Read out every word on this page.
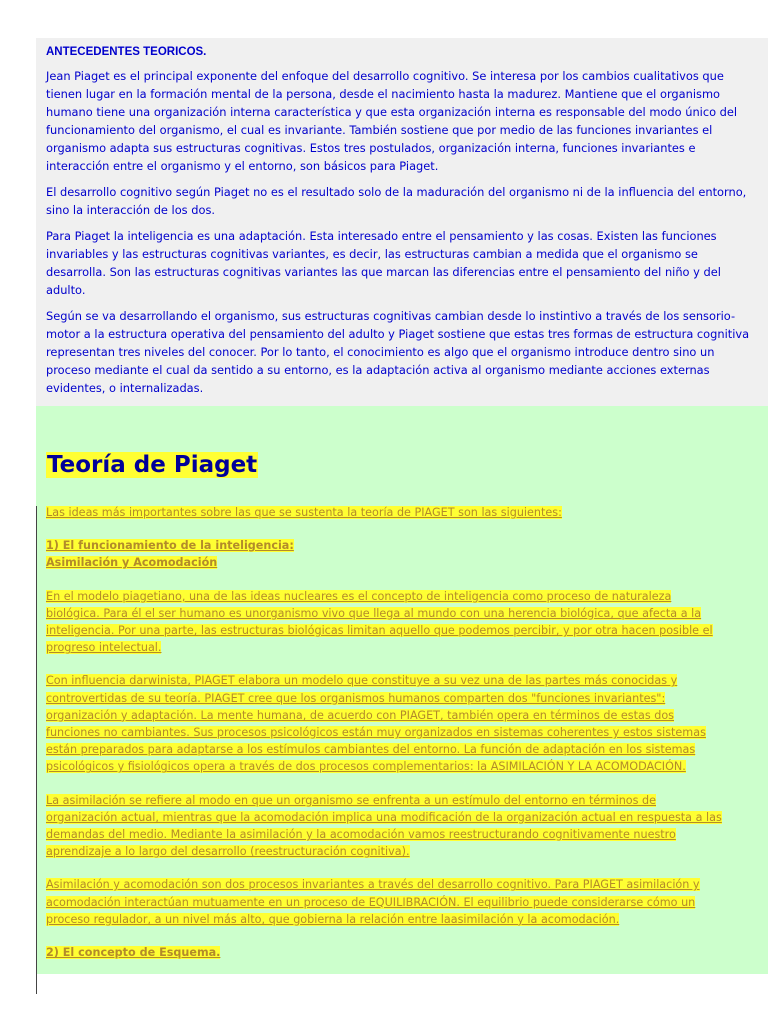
ANTECEDENTES TEORICOS.

Jean Piaget es el principal exponente del enfoque del desarrollo cognitivo. Se interesa por los cambios cualitativos que tienen lugar en la formación mental de la persona, desde el nacimiento hasta la madurez. Mantiene que el organismo humano tiene una organización interna característica y que esta organización interna es responsable del modo único del funcionamiento del organismo, el cual es invariante. También sostiene que por medio de las funciones invariantes el organismo adapta sus estructuras cognitivas. Estos tres postulados, organización interna, funciones invariantes e interacción entre el organismo y el entorno, son básicos para Piaget.

El desarrollo cognitivo según Piaget no es el resultado solo de la maduración del organismo ni de la influencia del entorno, sino la interacción de los dos.

Para Piaget la inteligencia es una adaptación. Esta interesado entre el pensamiento y las cosas. Existen las funciones invariables y las estructuras cognitivas variantes, es decir, las estructuras cambian a medida que el organismo se desarrolla. Son las estructuras cognitivas variantes las que marcan las diferencias entre el pensamiento del niño y del adulto.

Según se va desarrollando el organismo, sus estructuras cognitivas cambian desde lo instintivo a través de los sensorio-motor a la estructura operativa del pensamiento del adulto y Piaget sostiene que estas tres formas de estructura cognitiva representan tres niveles del conocer. Por lo tanto, el conocimiento es algo que el organismo introduce dentro sino un proceso mediante el cual da sentido a su entorno, es la adaptación activa al organismo mediante acciones externas evidentes, o internalizadas.

Teoría de Piaget

Las ideas más importantes sobre las que se sustenta la teoría de PIAGET son las siguientes:

1) El funcionamiento de la inteligencia:
Asimilación y Acomodación

En el modelo piagetiano, una de las ideas nucleares es el concepto de inteligencia como proceso de naturaleza biológica. Para él el ser humano es unorganismo vivo que llega al mundo con una herencia biológica, que afecta a la inteligencia. Por una parte, las estructuras biológicas limitan aquello que podemos percibir, y por otra hacen posible el progreso intelectual.

Con influencia darwinista, PIAGET elabora un modelo que constituye a su vez una de las partes más conocidas y controvertidas de su teoría. PIAGET cree que los organismos humanos comparten dos "funciones invariantes": organización y adaptación. La mente humana, de acuerdo con PIAGET, también opera en términos de estas dos funciones no cambiantes. Sus procesos psicológicos están muy organizados en sistemas coherentes y estos sistemas están preparados para adaptarse a los estímulos cambiantes del entorno. La función de adaptación en los sistemas psicológicos y fisiológicos opera a través de dos procesos complementarios: la ASIMILACIÓN Y LA ACOMODACIÓN.

La asimilación se refiere al modo en que un organismo se enfrenta a un estímulo del entorno en términos de organización actual, mientras que la acomodación implica una modificación de la organización actual en respuesta a las demandas del medio. Mediante la asimilación y la acomodación vamos reestructurando cognitivamente nuestro aprendizaje a lo largo del desarrollo (reestructuración cognitiva).

Asimilación y acomodación son dos procesos invariantes a través del desarrollo cognitivo. Para PIAGET asimilación y acomodación interactúan mutuamente en un proceso de EQUILIBRACIÓN. El equilibrio puede considerarse cómo un proceso regulador, a un nivel más alto, que gobierna la relación entre laasimilación y la acomodación.

2) El concepto de Esquema.
